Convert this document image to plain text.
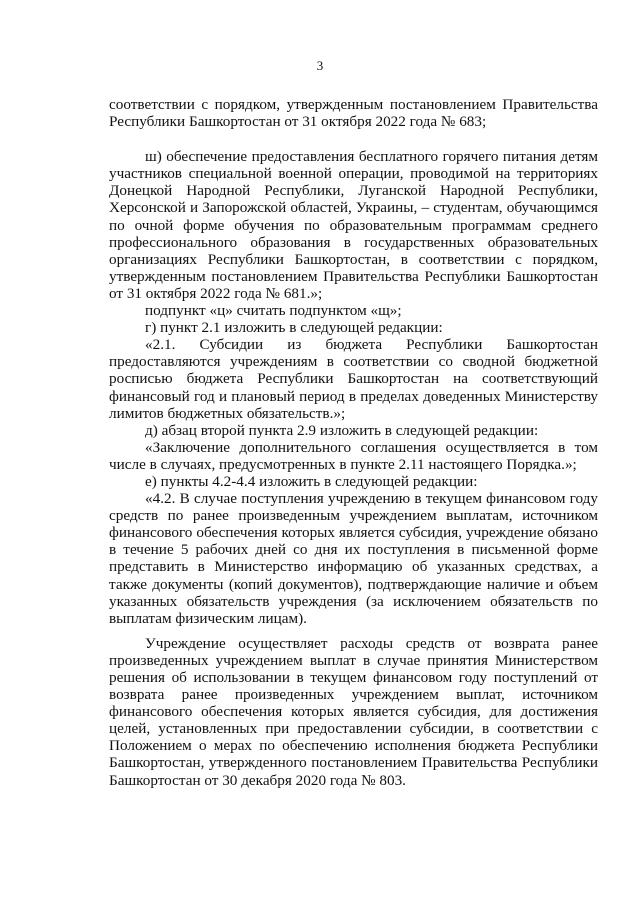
3

соответствии с порядком, утвержденным постановлением Правительства Республики Башкортостан от 31 октября 2022 года № 683;

ш) обеспечение предоставления бесплатного горячего питания детям участников специальной военной операции, проводимой на территориях Донецкой Народной Республики, Луганской Народной Республики, Херсонской и Запорожской областей, Украины, – студентам, обучающимся по очной форме обучения по образовательным программам среднего профессионального образования в государственных образовательных организациях Республики Башкортостан, в соответствии с порядком, утвержденным постановлением Правительства Республики Башкортостан от 31 октября 2022 года № 681.»;

подпункт «ц» считать подпунктом «щ»;

г) пункт 2.1 изложить в следующей редакции:

«2.1. Субсидии из бюджета Республики Башкортостан предоставляются учреждениям в соответствии со сводной бюджетной росписью бюджета Республики Башкортостан на соответствующий финансовый год и плановый период в пределах доведенных Министерству лимитов бюджетных обязательств.»;

д) абзац второй пункта 2.9 изложить в следующей редакции:

«Заключение дополнительного соглашения осуществляется в том числе в случаях, предусмотренных в пункте 2.11 настоящего Порядка.»;

е) пункты 4.2-4.4 изложить в следующей редакции:

«4.2. В случае поступления учреждению в текущем финансовом году средств по ранее произведенным учреждением выплатам, источником финансового обеспечения которых является субсидия, учреждение обязано в течение 5 рабочих дней со дня их поступления в письменной форме представить в Министерство информацию об указанных средствах, а также документы (копий документов), подтверждающие наличие и объем указанных обязательств учреждения (за исключением обязательств по выплатам физическим лицам).

Учреждение осуществляет расходы средств от возврата ранее произведенных учреждением выплат в случае принятия Министерством решения об использовании в текущем финансовом году поступлений от возврата ранее произведенных учреждением выплат, источником финансового обеспечения которых является субсидия, для достижения целей, установленных при предоставлении субсидии, в соответствии с Положением о мерах по обеспечению исполнения бюджета Республики Башкортостан, утвержденного постановлением Правительства Республики Башкортостан от 30 декабря 2020 года № 803.
